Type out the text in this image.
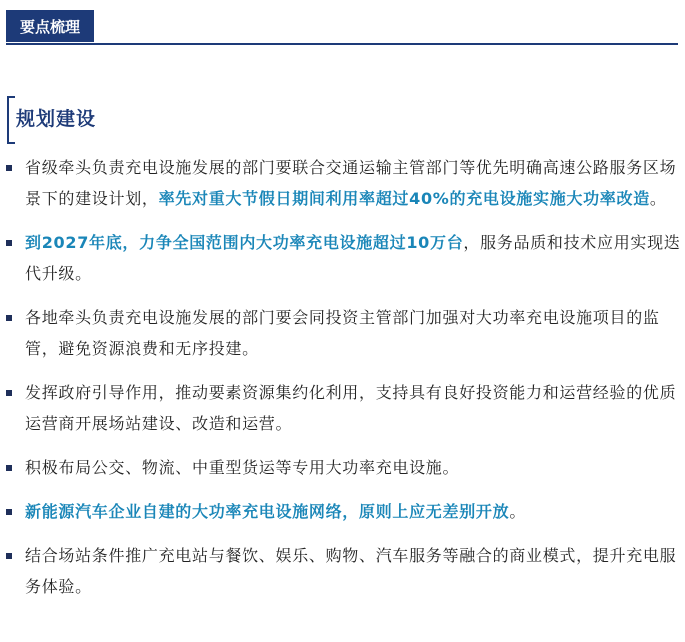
要点梳理
规划建设
省级牵头负责充电设施发展的部门要联合交通运输主管部门等优先明确高速公路服务区场景下的建设计划，率先对重大节假日期间利用率超过40%的充电设施实施大功率改造。
到2027年底，力争全国范围内大功率充电设施超过10万台，服务品质和技术应用实现迭代升级。
各地牵头负责充电设施发展的部门要会同投资主管部门加强对大功率充电设施项目的监管，避免资源浪费和无序投建。
发挥政府引导作用，推动要素资源集约化利用，支持具有良好投资能力和运营经验的优质运营商开展场站建设、改造和运营。
积极布局公交、物流、中重型货运等专用大功率充电设施。
新能源汽车企业自建的大功率充电设施网络，原则上应无差别开放。
结合场站条件推广充电站与餐饮、娱乐、购物、汽车服务等融合的商业模式，提升充电服务体验。
